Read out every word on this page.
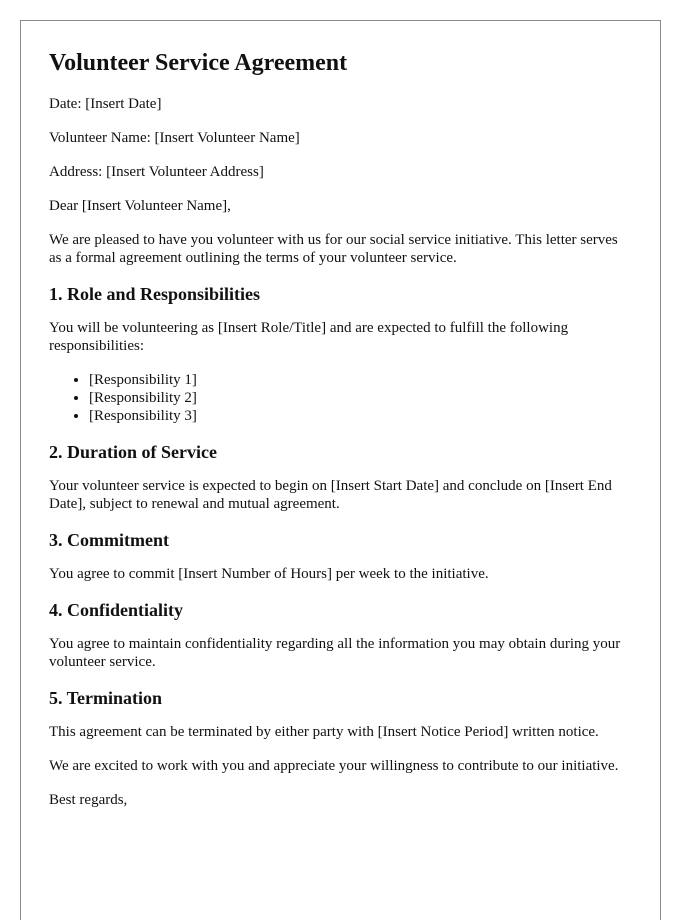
Volunteer Service Agreement

Date: [Insert Date]

Volunteer Name: [Insert Volunteer Name]

Address: [Insert Volunteer Address]

Dear [Insert Volunteer Name],

We are pleased to have you volunteer with us for our social service initiative. This letter serves as a formal agreement outlining the terms of your volunteer service.

1. Role and Responsibilities

You will be volunteering as [Insert Role/Title] and are expected to fulfill the following responsibilities:

• [Responsibility 1]
• [Responsibility 2]
• [Responsibility 3]
2. Duration of Service

Your volunteer service is expected to begin on [Insert Start Date] and conclude on [Insert End Date], subject to renewal and mutual agreement.

3. Commitment

You agree to commit [Insert Number of Hours] per week to the initiative.

4. Confidentiality

You agree to maintain confidentiality regarding all the information you may obtain during your volunteer service.

5. Termination

This agreement can be terminated by either party with [Insert Notice Period] written notice.

We are excited to work with you and appreciate your willingness to contribute to our initiative.

Best regards,
